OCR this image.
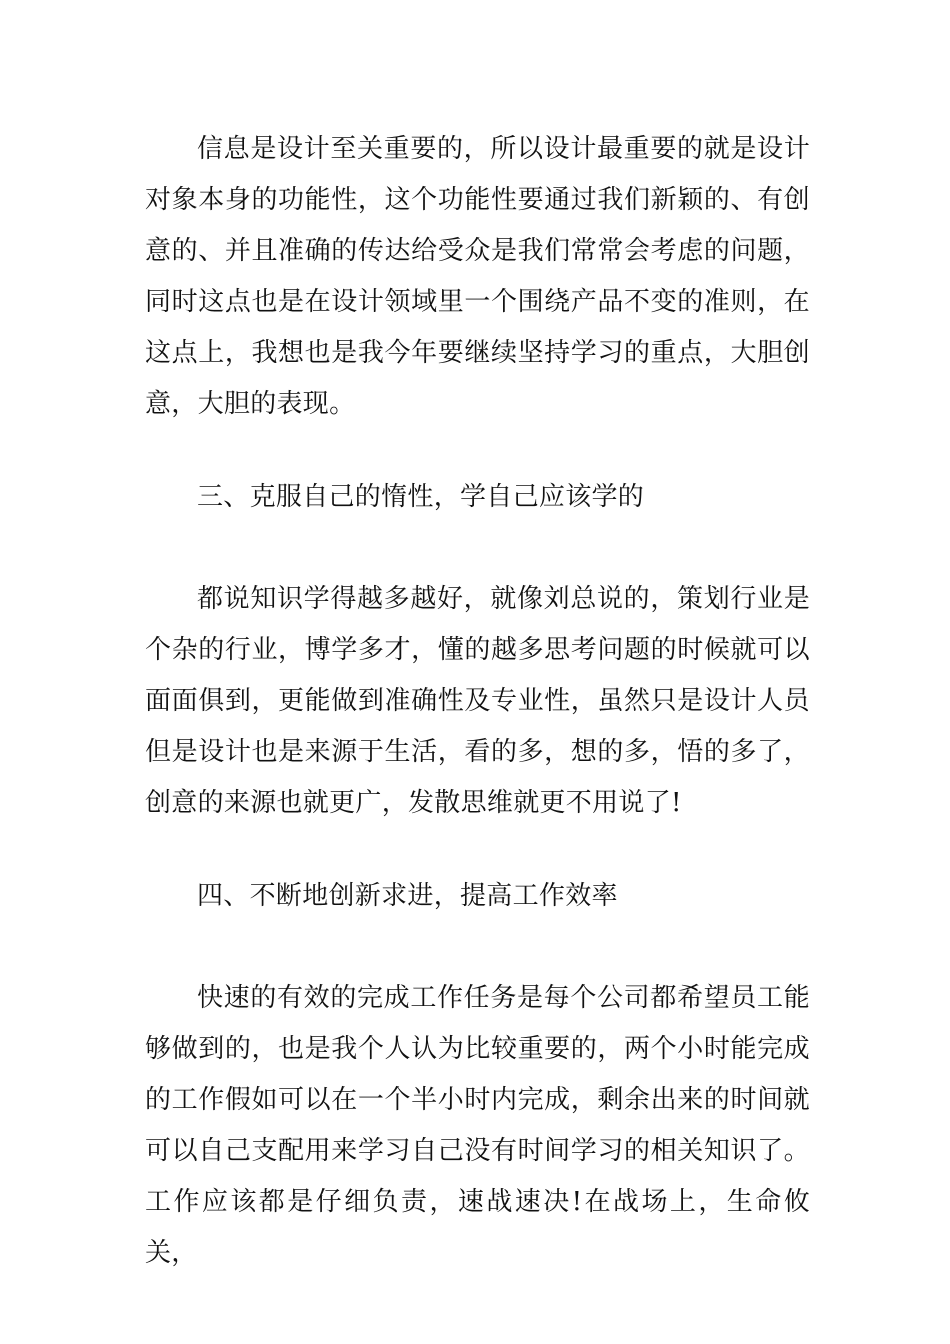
信息是设计至关重要的，所以设计最重要的就是设计对象本身的功能性，这个功能性要通过我们新颖的、有创意的、并且准确的传达给受众是我们常常会考虑的问题，同时这点也是在设计领域里一个围绕产品不变的准则，在这点上，我想也是我今年要继续坚持学习的重点，大胆创意，大胆的表现。

三、克服自己的惰性，学自己应该学的

都说知识学得越多越好，就像刘总说的，策划行业是个杂的行业，博学多才，懂的越多思考问题的时候就可以面面俱到，更能做到准确性及专业性，虽然只是设计人员但是设计也是来源于生活，看的多，想的多，悟的多了，创意的来源也就更广，发散思维就更不用说了!

四、不断地创新求进，提高工作效率

快速的有效的完成工作任务是每个公司都希望员工能够做到的，也是我个人认为比较重要的，两个小时能完成的工作假如可以在一个半小时内完成，剩余出来的时间就可以自己支配用来学习自己没有时间学习的相关知识了。工作应该都是仔细负责，速战速决!在战场上，生命攸关，
